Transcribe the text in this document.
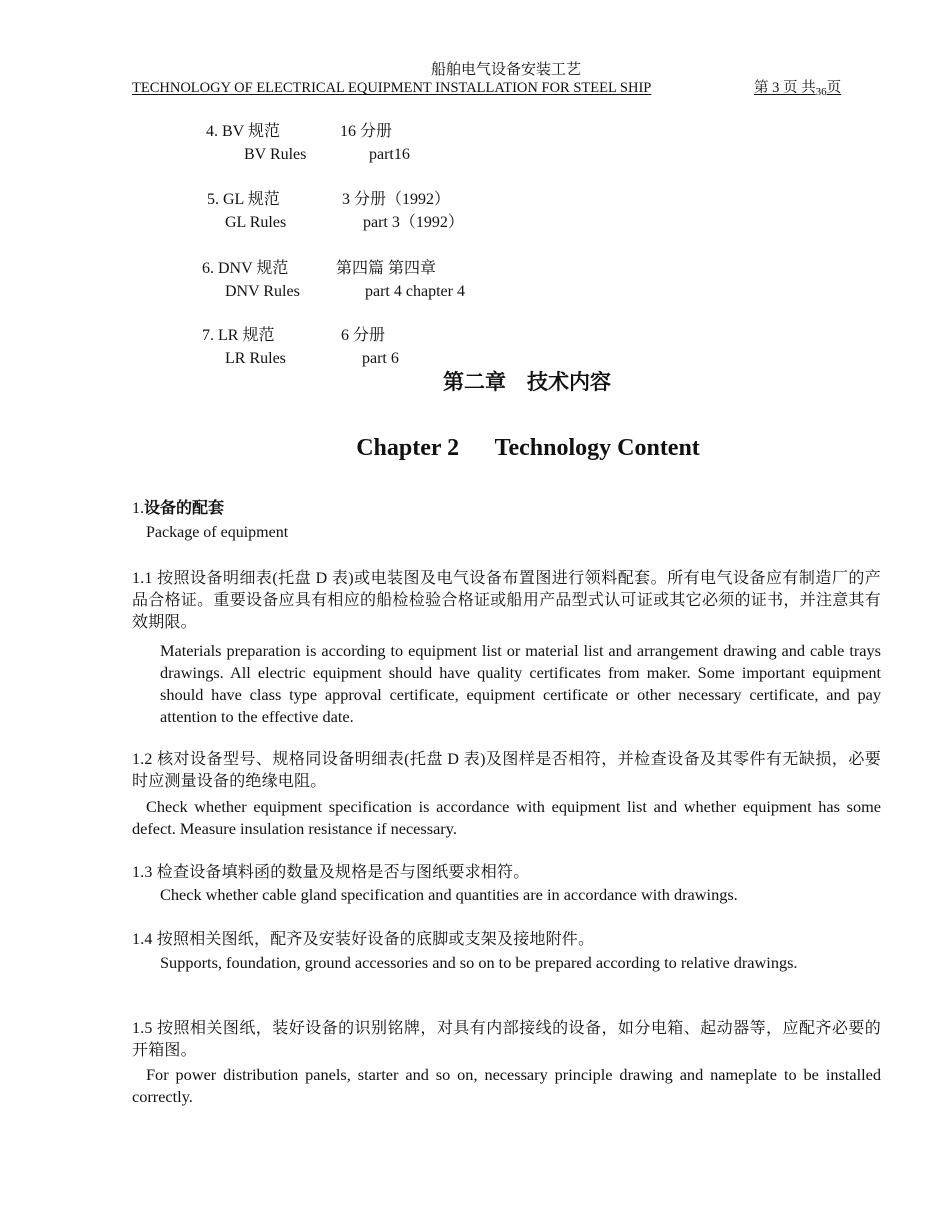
船舶电气设备安装工艺
TECHNOLOGY OF ELECTRICAL EQUIPMENT INSTALLATION FOR STEEL SHIP	第 3 页 共$_{36}$页
4. BV 规范	16 分册
BV Rules	part16
5. GL 规范	3 分册（1992）
GL Rules	part 3（1992）
6. DNV 规范	第四篇 第四章
DNV Rules	part 4 chapter 4
7. LR 规范	6 分册
LR Rules	part 6
第二章　技术内容
Chapter 2      Technology Content
1.设备的配套
Package of equipment
1.1 按照设备明细表(托盘 D 表)或电装图及电气设备布置图进行领料配套。所有电气设备应有制造厂的产品合格证。重要设备应具有相应的船检检验合格证或船用产品型式认可证或其它必须的证书，并注意其有效期限。
Materials preparation is according to equipment list or material list and arrangement drawing and cable trays drawings. All electric equipment should have quality certificates from maker. Some important equipment should have class type approval certificate, equipment certificate or other necessary certificate, and pay attention to the effective date.
1.2 核对设备型号、规格同设备明细表(托盘 D 表)及图样是否相符，并检查设备及其零件有无缺损，必要时应测量设备的绝缘电阻。
Check whether equipment specification is accordance with equipment list and whether equipment has some defect. Measure insulation resistance if necessary.
1.3 检查设备填料函的数量及规格是否与图纸要求相符。
Check whether cable gland specification and quantities are in accordance with drawings.
1.4 按照相关图纸，配齐及安装好设备的底脚或支架及接地附件。
Supports, foundation, ground accessories and so on to be prepared according to relative drawings.
1.5 按照相关图纸，装好设备的识别铭牌，对具有内部接线的设备，如分电箱、起动器等，应配齐必要的开箱图。
For power distribution panels, starter and so on, necessary principle drawing and nameplate to be installed correctly.
